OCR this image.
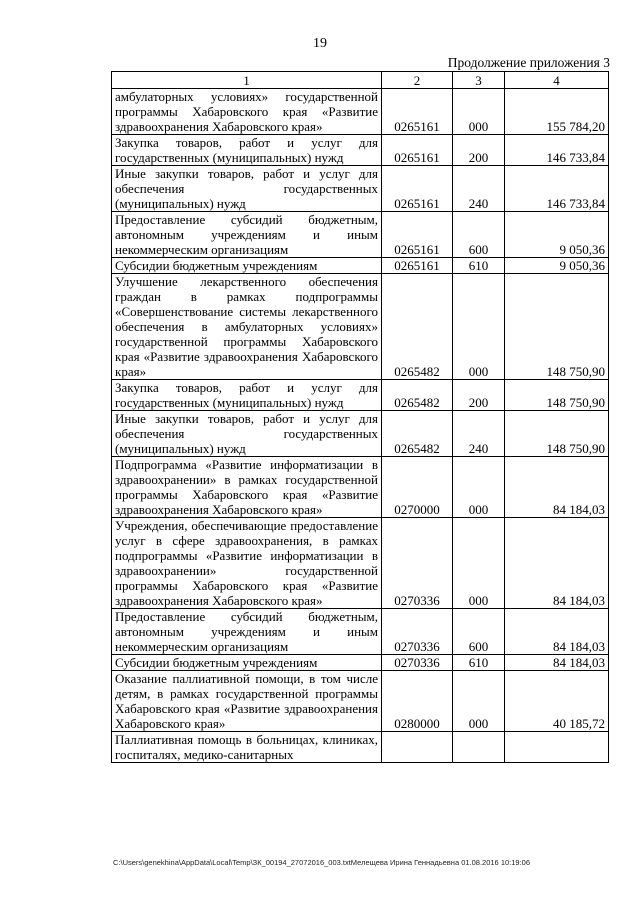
19
Продолжение приложения 3
1	2	3	4
амбулаторных условиях» государственной программы Хабаровского края «Развитие здравоохранения Хабаровского края»	0265161	000	155 784,20
Закупка товаров, работ и услуг для государственных (муниципальных) нужд	0265161	200	146 733,84
Иные закупки товаров, работ и услуг для обеспечения государственных (муниципальных) нужд	0265161	240	146 733,84
Предоставление субсидий бюджетным, автономным учреждениям и иным некоммерческим организациям	0265161	600	9 050,36
Субсидии бюджетным учреждениям	0265161	610	9 050,36
Улучшение лекарственного обеспечения граждан в рамках подпрограммы «Совершенствование системы лекарственного обеспечения в амбулаторных условиях» государственной программы Хабаровского края «Развитие здравоохранения Хабаровского края»	0265482	000	148 750,90
Закупка товаров, работ и услуг для государственных (муниципальных) нужд	0265482	200	148 750,90
Иные закупки товаров, работ и услуг для обеспечения государственных (муниципальных) нужд	0265482	240	148 750,90
Подпрограмма «Развитие информатизации в здравоохранении» в рамках государственной программы Хабаровского края «Развитие здравоохранения Хабаровского края»	0270000	000	84 184,03
Учреждения, обеспечивающие предоставление услуг в сфере здравоохранения, в рамках подпрограммы «Развитие информатизации в здравоохранении» государственной программы Хабаровского края «Развитие здравоохранения Хабаровского края»	0270336	000	84 184,03
Предоставление субсидий бюджетным, автономным учреждениям и иным некоммерческим организациям	0270336	600	84 184,03
Субсидии бюджетным учреждениям	0270336	610	84 184,03
Оказание паллиативной помощи, в том числе детям, в рамках государственной программы Хабаровского края «Развитие здравоохранения Хабаровского края»	0280000	000	40 185,72
Паллиативная помощь в больницах, клиниках, госпиталях, медико-санитарных			
C:\Users\genekhina\AppData\Local\Temp\ЗК_00194_27072016_003.txtМелещева Ирина Геннадьевна 01.08.2016 10:19:06
